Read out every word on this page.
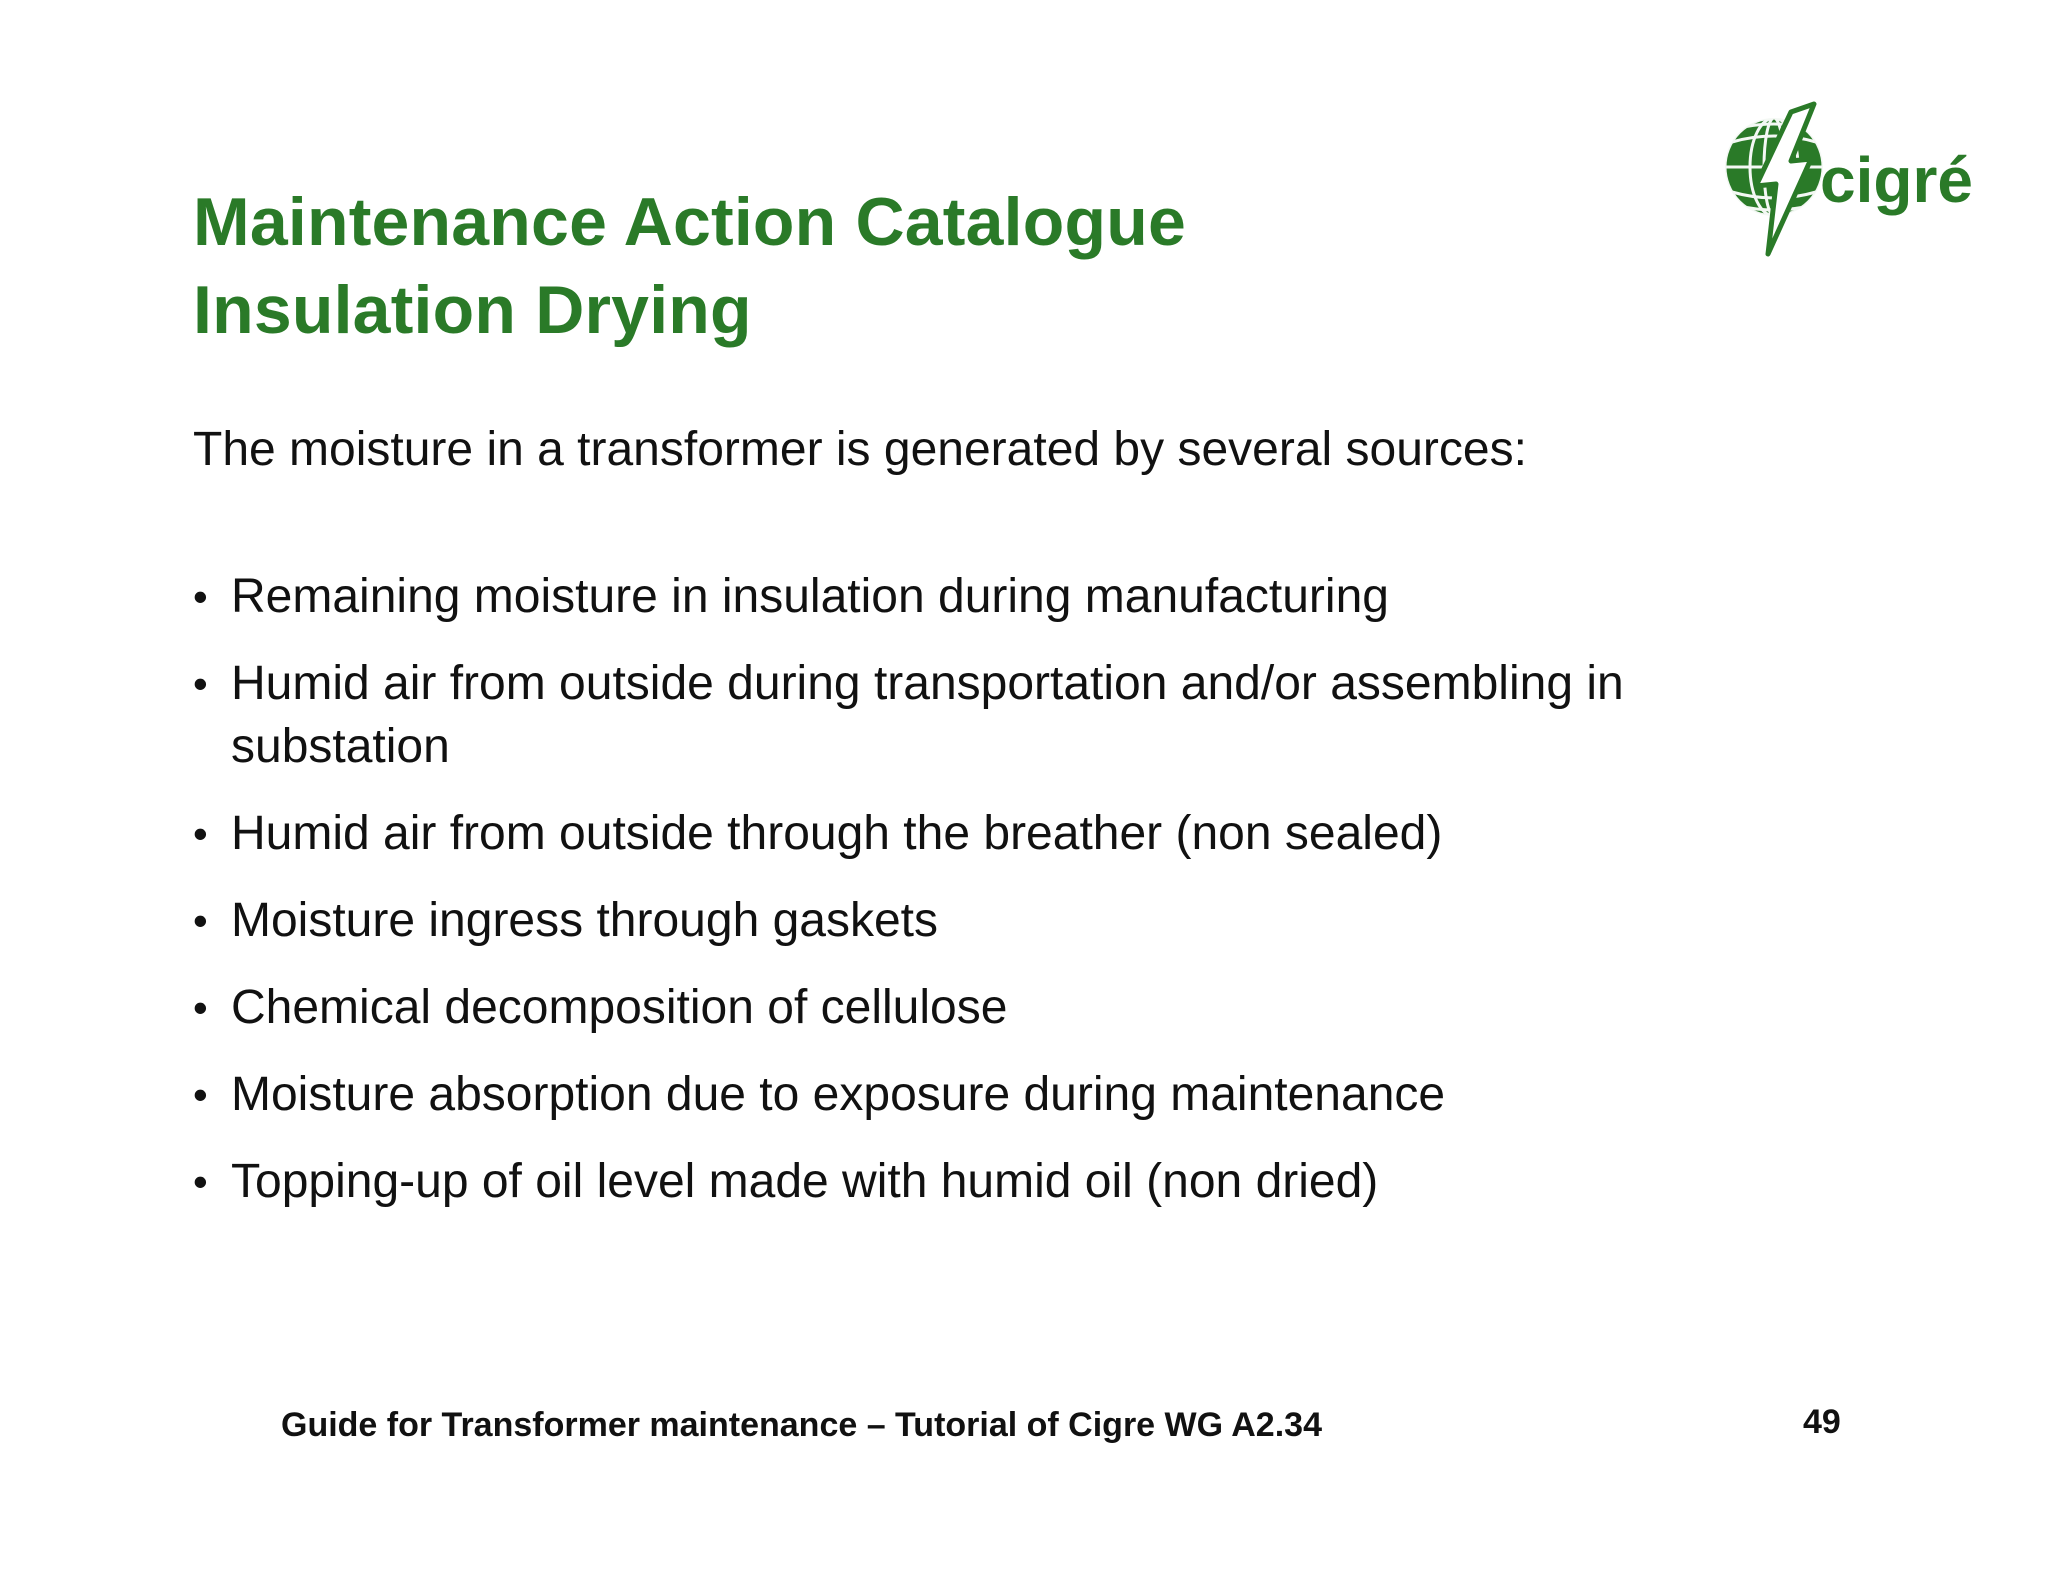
Maintenance Action Catalogue
Insulation Drying
cigré

The moisture in a transformer is generated by several sources:

• Remaining moisture in insulation during manufacturing
• Humid air from outside during transportation and/or assembling in substation
• Humid air from outside through the breather (non sealed)
• Moisture ingress through gaskets
• Chemical decomposition of cellulose
• Moisture absorption due to exposure during maintenance
• Topping-up of oil level made with humid oil (non dried)

Guide for Transformer maintenance – Tutorial of Cigre WG A2.34	49
